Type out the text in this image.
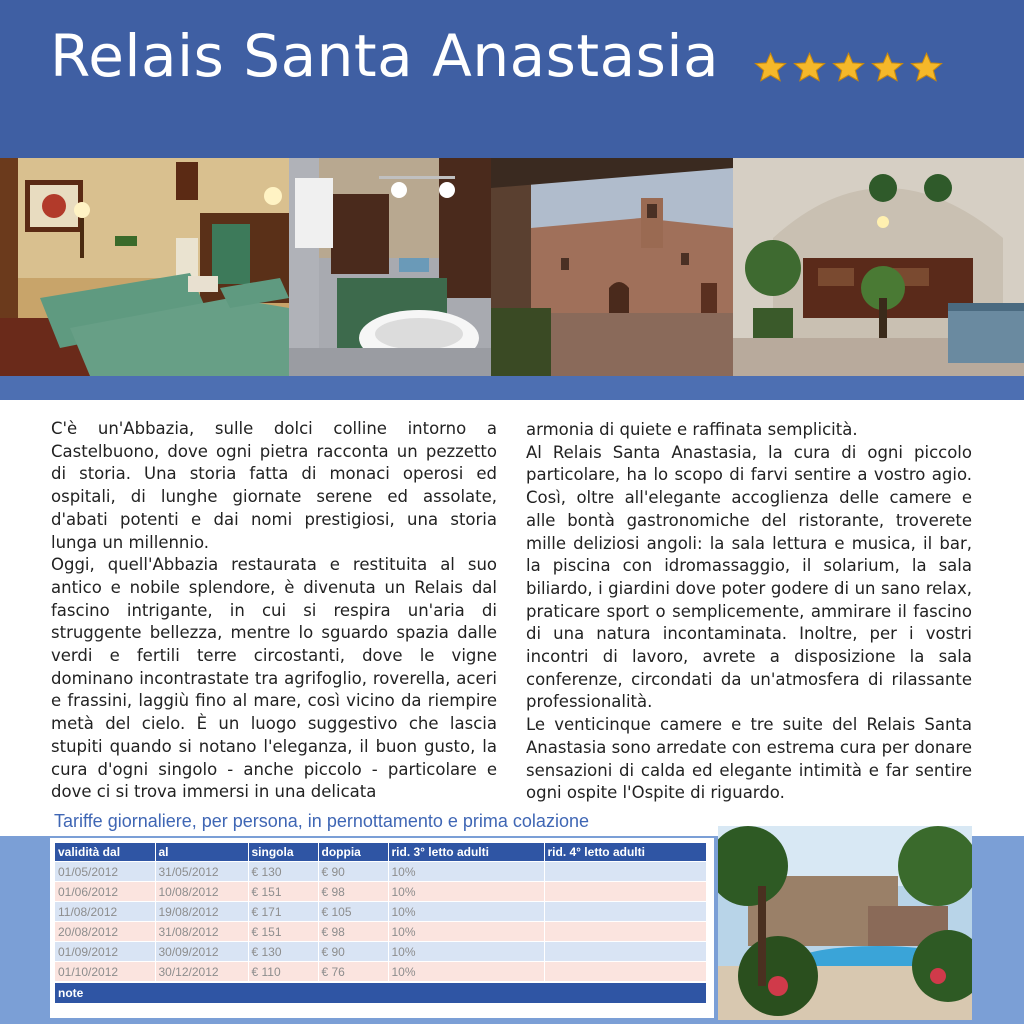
Relais Santa Anastasia

C'è un'Abbazia, sulle dolci colline intorno a Castelbuono, dove ogni pietra racconta un pezzetto di storia. Una storia fatta di monaci operosi ed ospitali, di lunghe giornate serene ed assolate, d'abati potenti e dai nomi prestigiosi, una storia lunga un millennio.

Oggi, quell'Abbazia restaurata e restituita al suo antico e nobile splendore, è divenuta un Relais dal fascino intrigante, in cui si respira un'aria di struggente bellezza, mentre lo sguardo spazia dalle verdi e fertili terre circostanti, dove le vigne dominano incontrastate tra agrifoglio, roverella, aceri e frassini, laggiù fino al mare, così vicino da riempire metà del cielo. È un luogo suggestivo che lascia stupiti quando si notano l'eleganza, il buon gusto, la cura d'ogni singolo - anche piccolo - particolare e dove ci si trova immersi in una delicata

armonia di quiete e raffinata semplicità.

Al Relais Santa Anastasia, la cura di ogni piccolo particolare, ha lo scopo di farvi sentire a vostro agio. Così, oltre all'elegante accoglienza delle camere e alle bontà gastronomiche del ristorante, troverete mille deliziosi angoli: la sala lettura e musica, il bar, la piscina con idromassaggio, il solarium, la sala biliardo, i giardini dove poter godere di un sano relax, praticare sport o semplicemente, ammirare il fascino di una natura incontaminata. Inoltre, per i vostri incontri di lavoro, avrete a disposizione la sala conferenze, circondati da un'atmosfera di rilassante professionalità.

Le venticinque camere e tre suite del Relais Santa Anastasia sono arredate con estrema cura per donare sensazioni di calda ed elegante intimità e far sentire ogni ospite l'Ospite di riguardo.

Tariffe giornaliere, per persona, in pernottamento e prima colazione
validità dal	al	singola	doppia	rid. 3° letto adulti	rid. 4° letto adulti
01/05/2012	31/05/2012	€ 130	€ 90	10%	
01/06/2012	10/08/2012	€ 151	€ 98	10%	
11/08/2012	19/08/2012	€ 171	€ 105	10%	
20/08/2012	31/08/2012	€ 151	€ 98	10%	
01/09/2012	30/09/2012	€ 130	€ 90	10%	
01/10/2012	30/12/2012	€ 110	€ 76	10%	
note					
